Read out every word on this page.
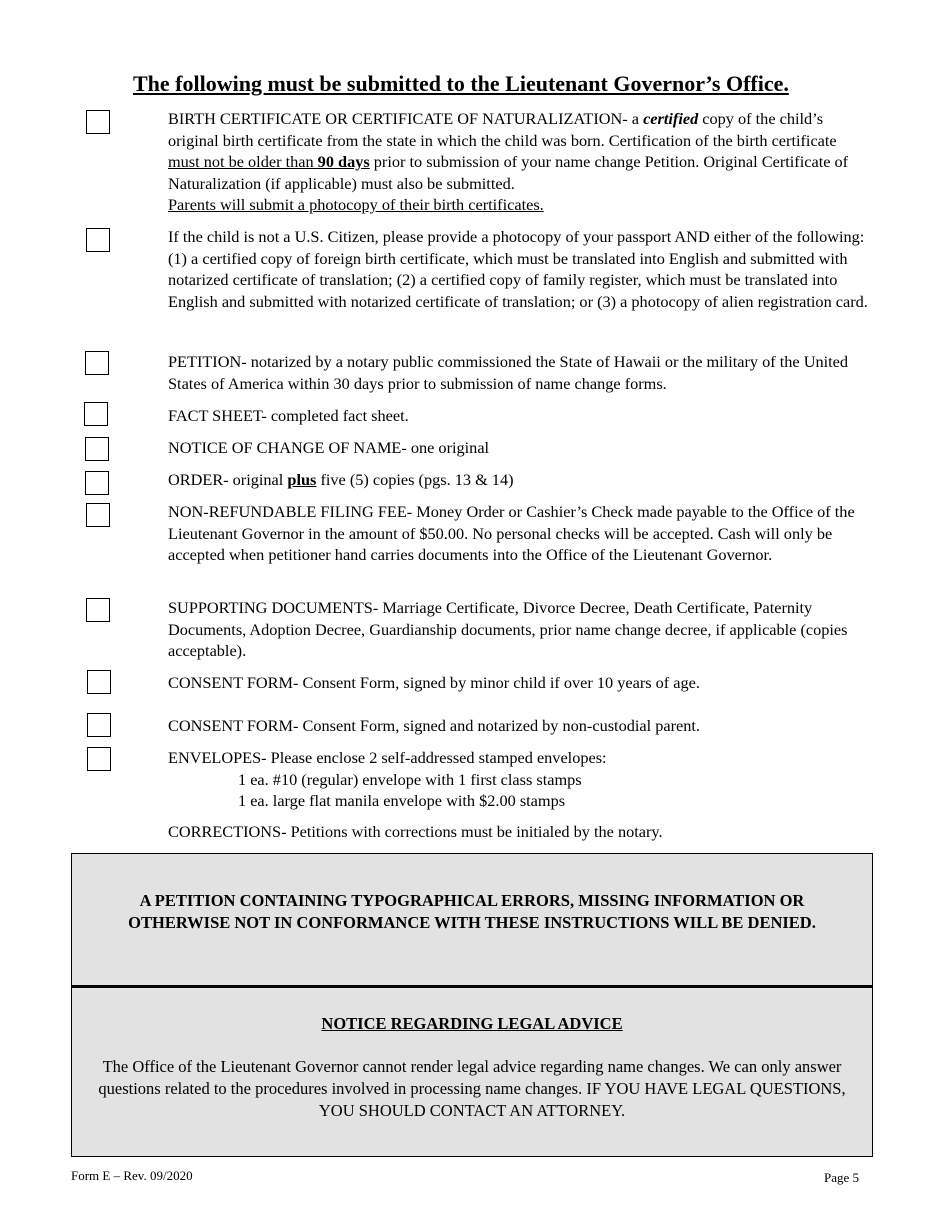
The following must be submitted to the Lieutenant Governor’s Office.

BIRTH CERTIFICATE OR CERTIFICATE OF NATURALIZATION- a certified copy of the child’s original birth certificate from the state in which the child was born. Certification of the birth certificate must not be older than 90 days prior to submission of your name change Petition. Original Certificate of Naturalization (if applicable) must also be submitted.

Parents will submit a photocopy of their birth certificates.

If the child is not a U.S. Citizen, please provide a photocopy of your passport AND either of the following: (1) a certified copy of foreign birth certificate, which must be translated into English and submitted with notarized certificate of translation; (2) a certified copy of family register, which must be translated into English and submitted with notarized certificate of translation; or (3) a photocopy of alien registration card.
PETITION- notarized by a notary public commissioned the State of Hawaii or the military of the United States of America within 30 days prior to submission of name change forms.
FACT SHEET- completed fact sheet.
NOTICE OF CHANGE OF NAME- one original
ORDER- original plus five (5) copies (pgs. 13 & 14)
NON-REFUNDABLE FILING FEE- Money Order or Cashier’s Check made payable to the Office of the Lieutenant Governor in the amount of $50.00. No personal checks will be accepted. Cash will only be accepted when petitioner hand carries documents into the Office of the Lieutenant Governor.
SUPPORTING DOCUMENTS- Marriage Certificate, Divorce Decree, Death Certificate, Paternity Documents, Adoption Decree, Guardianship documents, prior name change decree, if applicable (copies acceptable).
CONSENT FORM- Consent Form, signed by minor child if over 10 years of age.
CONSENT FORM- Consent Form, signed and notarized by non-custodial parent.

ENVELOPES- Please enclose 2 self-addressed stamped envelopes:

1 ea. #10 (regular) envelope with 1 first class stamps

1 ea. large flat manila envelope with $2.00 stamps

CORRECTIONS- Petitions with corrections must be initialed by the notary.
A PETITION CONTAINING TYPOGRAPHICAL ERRORS, MISSING INFORMATION OR OTHERWISE NOT IN CONFORMANCE WITH THESE INSTRUCTIONS WILL BE DENIED.
NOTICE REGARDING LEGAL ADVICE
The Office of the Lieutenant Governor cannot render legal advice regarding name changes. We can only answer questions related to the procedures involved in processing name changes. IF YOU HAVE LEGAL QUESTIONS, YOU SHOULD CONTACT AN ATTORNEY.
Form E – Rev. 09/2020	Page 5
